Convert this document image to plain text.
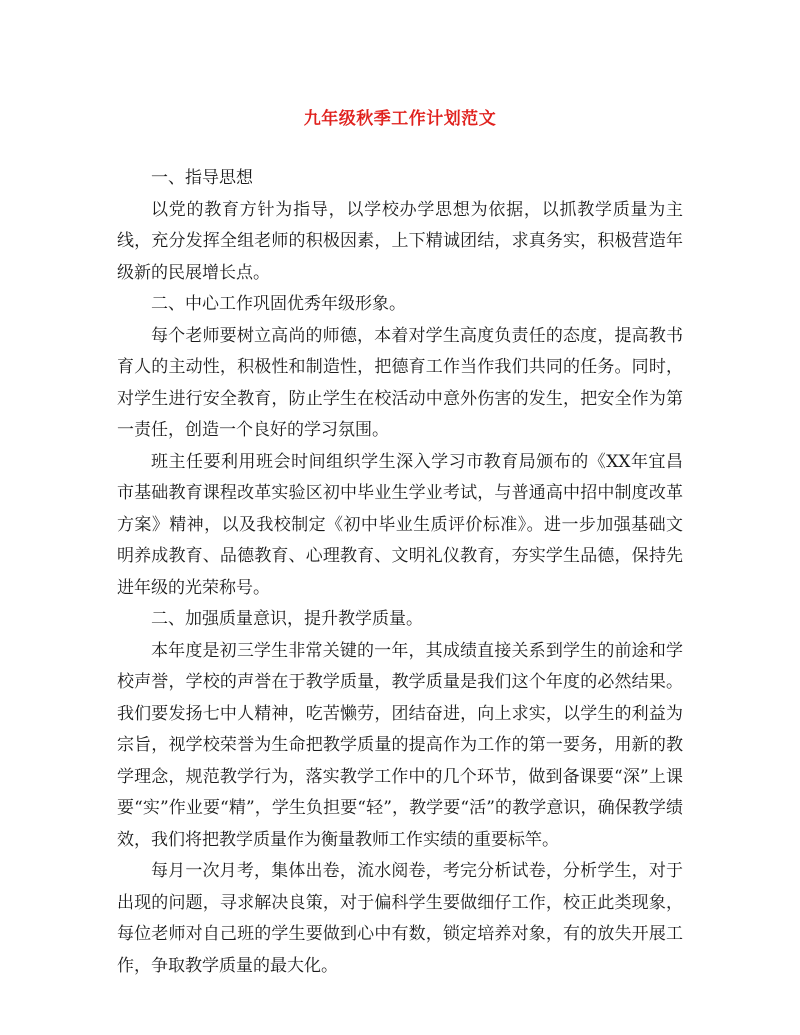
九年级秋季工作计划范文

一、指导思想

以党的教育方针为指导，以学校办学思想为依据，以抓教学质量为主线，充分发挥全组老师的积极因素，上下精诚团结，求真务实，积极营造年级新的民展增长点。

二、中心工作巩固优秀年级形象。

每个老师要树立高尚的师德，本着对学生高度负责任的态度，提高教书育人的主动性，积极性和制造性，把德育工作当作我们共同的任务。同时，对学生进行安全教育，防止学生在校活动中意外伤害的发生，把安全作为第一责任，创造一个良好的学习氛围。

班主任要利用班会时间组织学生深入学习市教育局颁布的《XX年宜昌市基础教育课程改革实验区初中毕业生学业考试，与普通高中招中制度改革方案》精神，以及我校制定《初中毕业生质评价标准》。进一步加强基础文明养成教育、品德教育、心理教育、文明礼仪教育，夯实学生品德，保持先进年级的光荣称号。

二、加强质量意识，提升教学质量。

本年度是初三学生非常关键的一年，其成绩直接关系到学生的前途和学校声誉，学校的声誉在于教学质量，教学质量是我们这个年度的必然结果。我们要发扬七中人精神，吃苦懒劳，团结奋进，向上求实，以学生的利益为宗旨，视学校荣誉为生命把教学质量的提高作为工作的第一要务，用新的教学理念，规范教学行为，落实教学工作中的几个环节，做到备课要“深”上课要“实”作业要“精”，学生负担要“轻”，教学要“活”的教学意识，确保教学绩效，我们将把教学质量作为衡量教师工作实绩的重要标竿。

每月一次月考，集体出卷，流水阅卷，考完分析试卷，分析学生，对于出现的问题，寻求解决良策，对于偏科学生要做细仔工作，校正此类现象，每位老师对自己班的学生要做到心中有数，锁定培养对象，有的放失开展工作，争取教学质量的最大化。
